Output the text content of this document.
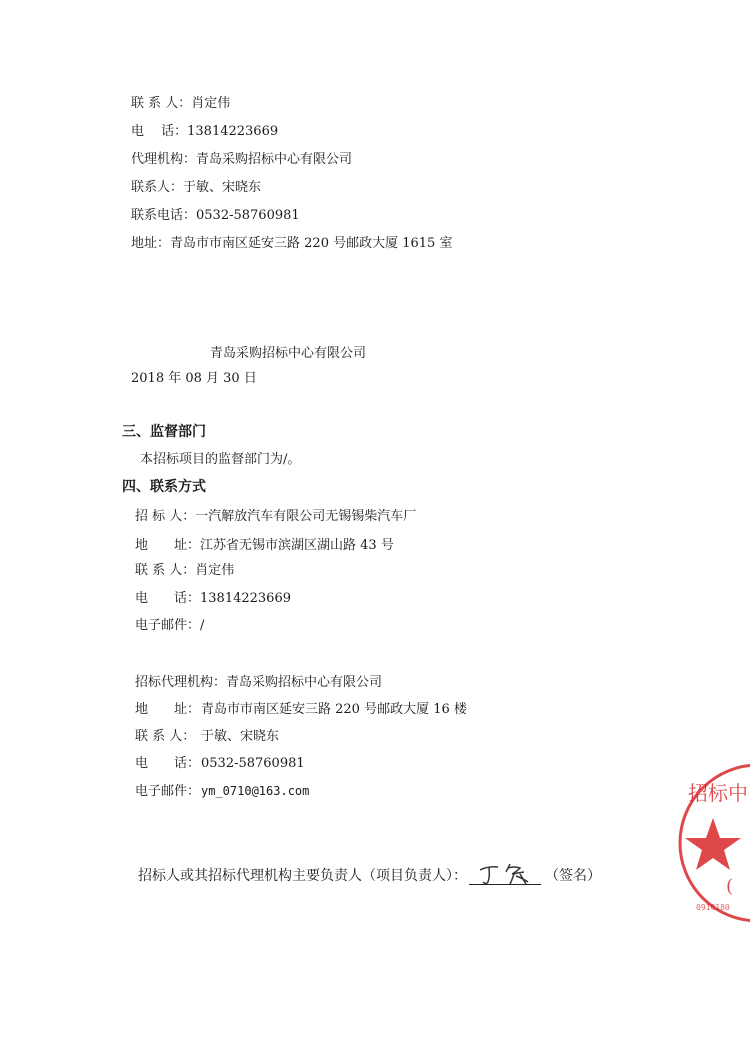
联 系 人：肖定伟
电　 话：13814223669
代理机构：青岛采购招标中心有限公司
联系人：于敏、宋晓东
联系电话：0532-58760981
地址：青岛市市南区延安三路 220 号邮政大厦 1615 室
青岛采购招标中心有限公司
2018 年 08 月 30 日
三、监督部门
本招标项目的监督部门为/。
四、联系方式
招 标 人：一汽解放汽车有限公司无锡锡柴汽车厂
地　　址：江苏省无锡市滨湖区湖山路 43 号
联 系 人：肖定伟
电　　话：13814223669
电子邮件：/
招标代理机构：青岛采购招标中心有限公司
地　　址：青岛市市南区延安三路 220 号邮政大厦 16 楼
联 系 人： 于敏、宋晓东
电　　话：0532-58760981
电子邮件：ym_0710@163.com
招标人或其招标代理机构主要负责人（项目负责人）：	（签名）
招标中
0910180
(
